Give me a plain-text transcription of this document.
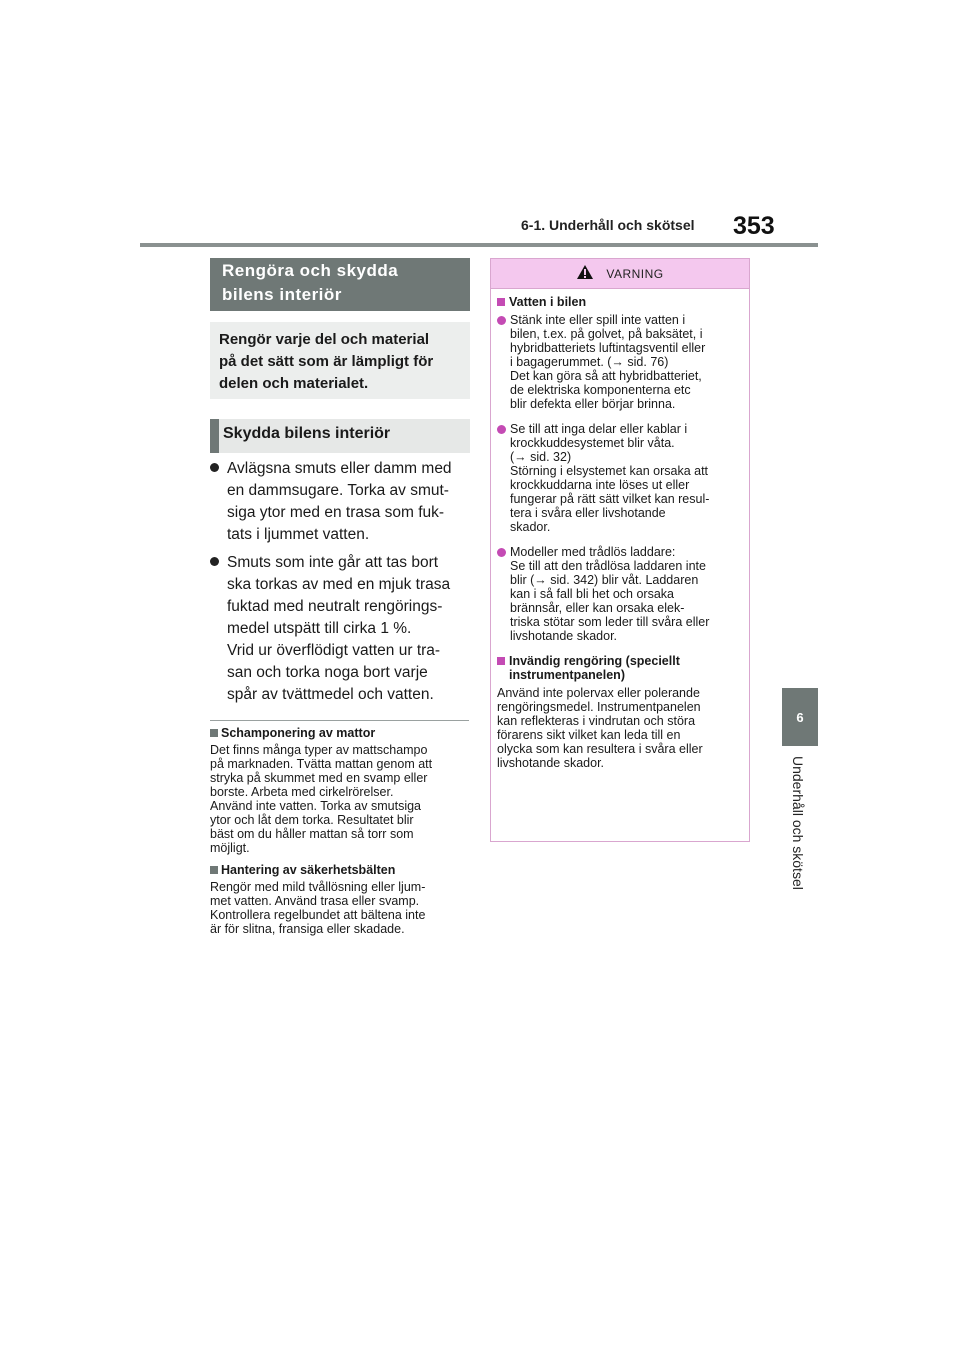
6-1. Underhåll och skötsel 353
6
Underhåll och skötsel
Rengöra och skydda
bilens interiör
Rengör varje del och material
på det sätt som är lämpligt för
delen och materialet.
Skydda bilens interiör
Avlägsna smuts eller damm med
en dammsugare. Torka av smut-
siga ytor med en trasa som fuk-
tats i ljummet vatten.
Smuts som inte går att tas bort
ska torkas av med en mjuk trasa
fuktad med neutralt rengörings-
medel utspätt till cirka 1 %.
Vrid ur överflödigt vatten ur tra-
san och torka noga bort varje
spår av tvättmedel och vatten.
Schamponering av mattor
Det finns många typer av mattschampo
på marknaden. Tvätta mattan genom att
stryka på skummet med en svamp eller
borste. Arbeta med cirkelrörelser.
Använd inte vatten. Torka av smutsiga
ytor och låt dem torka. Resultatet blir
bäst om du håller mattan så torr som
möjligt.
Hantering av säkerhetsbälten
Rengör med mild tvållösning eller ljum-
met vatten. Använd trasa eller svamp.
Kontrollera regelbundet att bältena inte
är för slitna, fransiga eller skadade.
VARNING
Vatten i bilen
Stänk inte eller spill inte vatten i
bilen, t.ex. på golvet, på baksätet, i
hybridbatteriets luftintagsventil eller
i bagagerummet. (→ sid. 76)
Det kan göra så att hybridbatteriet,
de elektriska komponenterna etc
blir defekta eller börjar brinna.
Se till att inga delar eller kablar i
krockkuddesystemet blir våta.
(→ sid. 32)
Störning i elsystemet kan orsaka att
krockkuddarna inte löses ut eller
fungerar på rätt sätt vilket kan resul-
tera i svåra eller livshotande
skador.
Modeller med trådlös laddare:
Se till att den trådlösa laddaren inte
blir (→ sid. 342) blir våt. Laddaren
kan i så fall bli het och orsaka
brännsår, eller kan orsaka elek-
triska stötar som leder till svåra eller
livshotande skador.
Invändig rengöring (speciellt
instrumentpanelen)
Använd inte polervax eller polerande
rengöringsmedel. Instrumentpanelen
kan reflekteras i vindrutan och störa
förarens sikt vilket kan leda till en
olycka som kan resultera i svåra eller
livshotande skador.
